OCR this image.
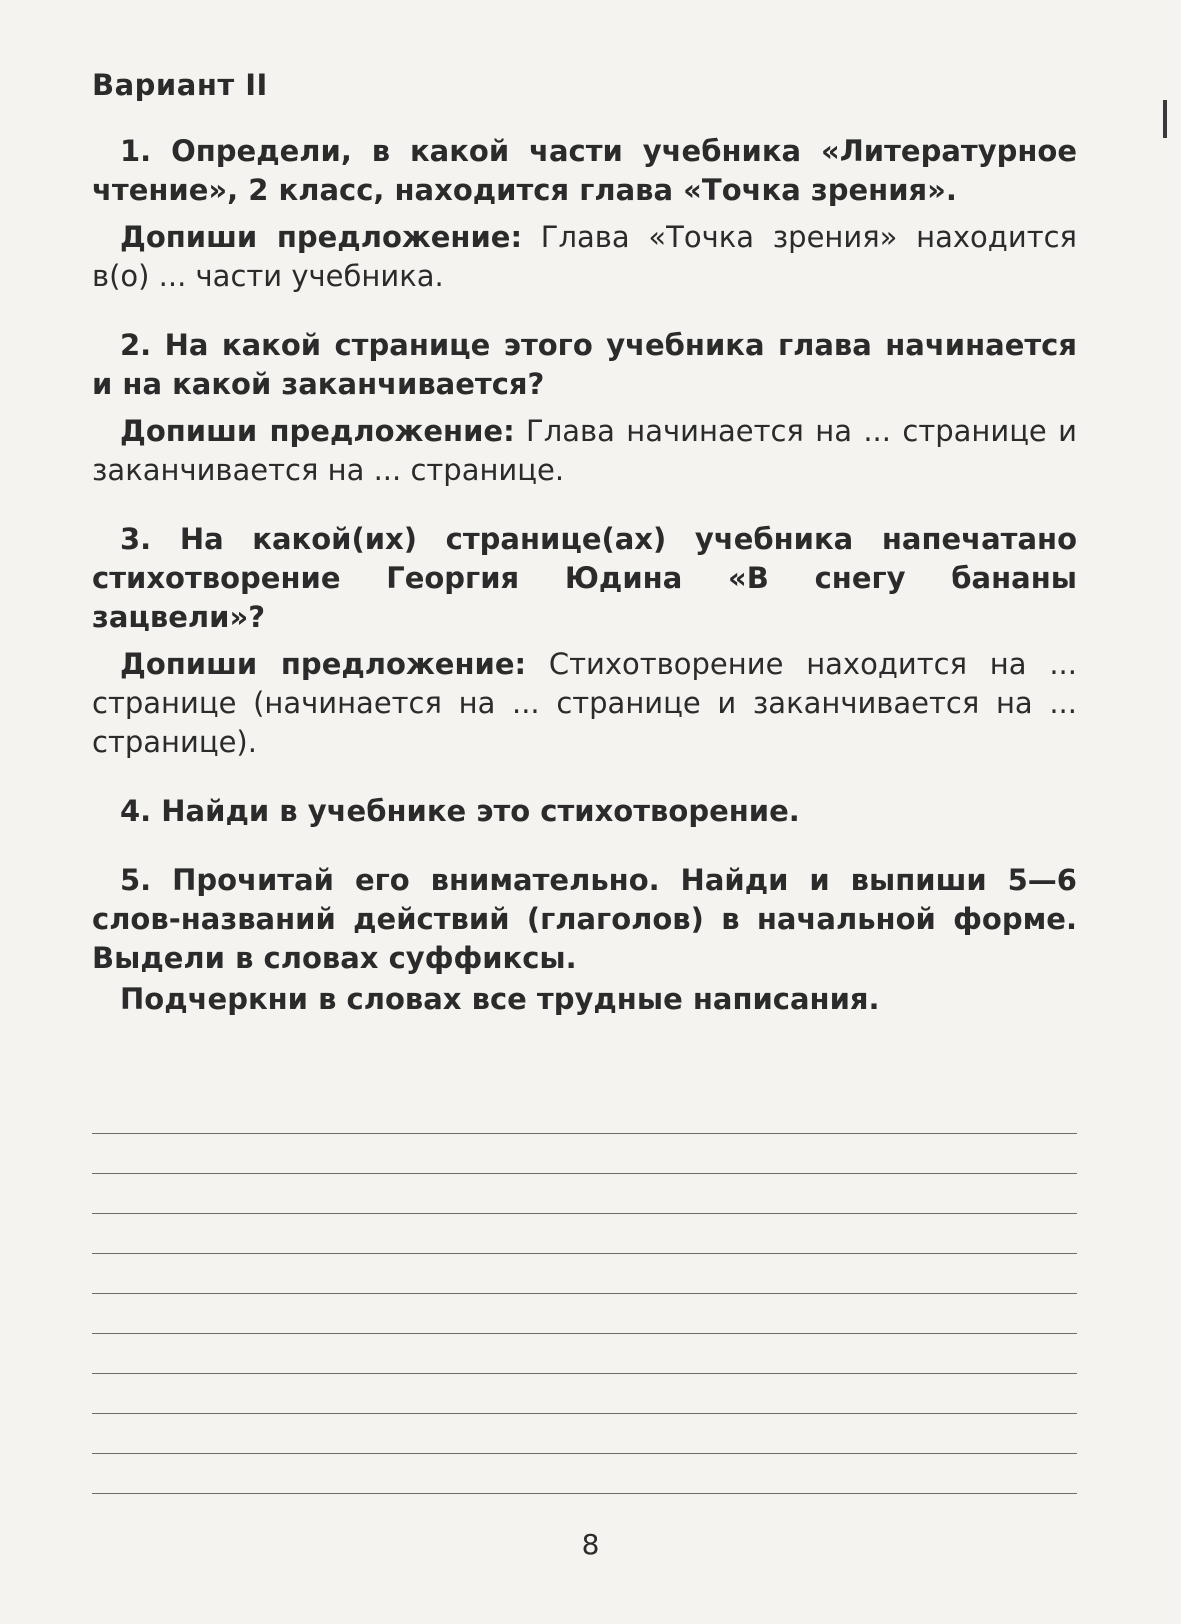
Вариант II

1. Определи, в какой части учебника «Литературное чтение», 2 класс, находится глава «Точка зрения».

Допиши предложение: Глава «Точка зрения» находится в(о) ... части учебника.

2. На какой странице этого учебника глава начинается и на какой заканчивается?

Допиши предложение: Глава начинается на ... странице и заканчивается на ... странице.

3. На какой(их) странице(ах) учебника напечатано стихотворение Георгия Юдина «В снегу бананы зацвели»?

Допиши предложение: Стихотворение находится на ... странице (начинается на ... странице и заканчивается на ... странице).

4. Найди в учебнике это стихотворение.

5. Прочитай его внимательно. Найди и выпиши 5—6 слов-названий действий (глаголов) в начальной форме. Выдели в словах суффиксы.

Подчеркни в словах все трудные написания.

8
